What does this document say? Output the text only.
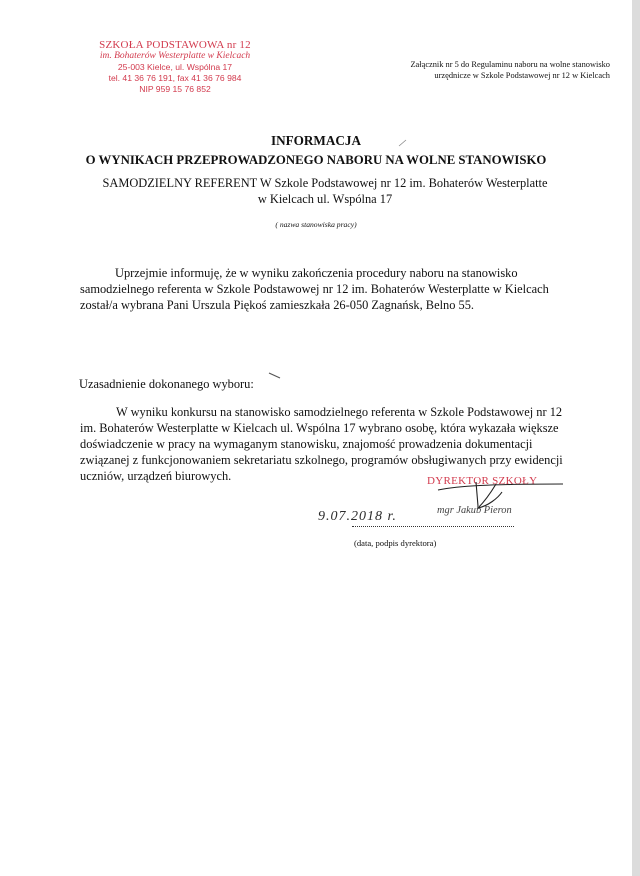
SZKOŁA PODSTAWOWA nr 12
im. Bohaterów Westerplatte w Kielcach
25-003 Kielce, ul. Wspólna 17
tel. 41 36 76 191, fax 41 36 76 984
NIP 959 15 76 852
Załącznik nr 5 do Regulaminu naboru na wolne stanowisko
urzędnicze w Szkole Podstawowej nr 12 w Kielcach
INFORMACJA
O WYNIKACH PRZEPROWADZONEGO NABORU NA WOLNE STANOWISKO
SAMODZIELNY REFERENT W Szkole Podstawowej nr 12 im. Bohaterów Westerplatte
w Kielcach ul. Wspólna 17
( nazwa stanowiska pracy)
Uprzejmie informuję, że w wyniku zakończenia procedury naboru na stanowisko samodzielnego referenta w Szkole Podstawowej nr 12 im. Bohaterów Westerplatte w Kielcach został/a wybrana Pani Urszula Piękoś zamieszkała 26-050 Zagnańsk, Belno 55.
Uzasadnienie dokonanego wyboru:
W wyniku konkursu na stanowisko samodzielnego referenta w Szkole Podstawowej nr 12 im. Bohaterów Westerplatte w Kielcach ul. Wspólna 17 wybrano osobę, która wykazała większe doświadczenie w pracy na wymaganym stanowisku, znajomość prowadzenia dokumentacji związanej z funkcjonowaniem sekretariatu szkolnego, programów obsługiwanych przy ewidencji uczniów, urządzeń biurowych.	DYREKTOR SZKOŁY
mgr Jakub Pieron
9.07.2018 r.
(data, podpis dyrektora)
